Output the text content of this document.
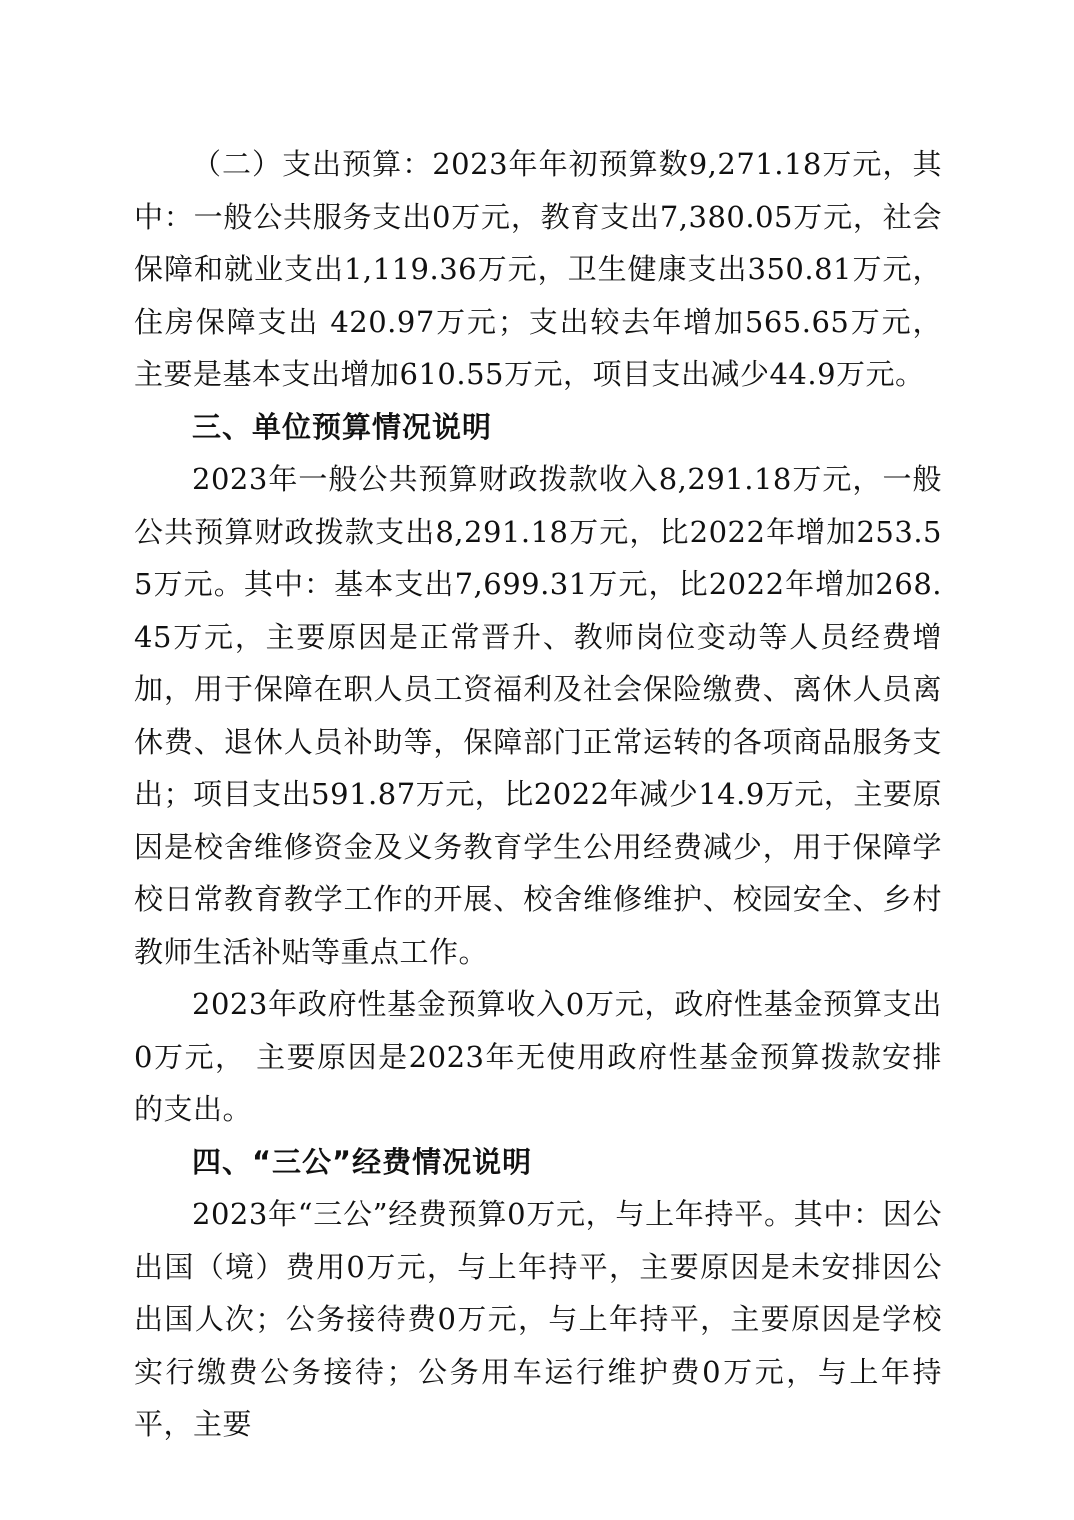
（二）支出预算：2023年年初预算数9,271.18万元，其中：一般公共服务支出0万元，教育支出7,380.05万元，社会保障和就业支出1,119.36万元，卫生健康支出350.81万元，住房保障支出 420.97万元；支出较去年增加565.65万元，主要是基本支出增加610.55万元，项目支出减少44.9万元。

三、单位预算情况说明

2023年一般公共预算财政拨款收入8,291.18万元，一般公共预算财政拨款支出8,291.18万元，比2022年增加253.55万元。其中：基本支出7,699.31万元，比2022年增加268.45万元，主要原因是正常晋升、教师岗位变动等人员经费增加，用于保障在职人员工资福利及社会保险缴费、离休人员离休费、退休人员补助等，保障部门正常运转的各项商品服务支出；项目支出591.87万元，比2022年减少14.9万元，主要原因是校舍维修资金及义务教育学生公用经费减少，用于保障学校日常教育教学工作的开展、校舍维修维护、校园安全、乡村教师生活补贴等重点工作。

2023年政府性基金预算收入0万元，政府性基金预算支出0万元， 主要原因是2023年无使用政府性基金预算拨款安排的支出。

四、“三公”经费情况说明

2023年“三公”经费预算0万元，与上年持平。其中：因公出国（境）费用0万元，与上年持平，主要原因是未安排因公出国人次；公务接待费0万元，与上年持平，主要原因是学校实行缴费公务接待；公务用车运行维护费0万元，与上年持平，主要
